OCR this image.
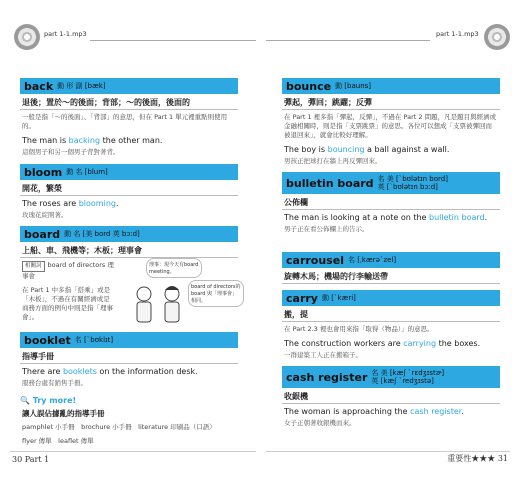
part 1-1.mp3
back 動 形 副 [bæk]
退後；置於～的後面；背部；～的後面，後面的
一般是指「～的後面」、「背部」的意思，但在 Part 1 單元裡重點則使用的。
The man is backing the other man.
這個男子和另一個男子背對著背。
bloom 動 名 [blum]
開花，繁榮
The roses are blooming.
玫瑰花綻開著。
board 動 名 [美 bord 英 bɔːd]
上船、車、飛機等；木板；理事會
相關詞 board of directors 理事會
在 Part 1 中多指「搭乘」或是「木板」，不過在有關經濟或是商務方面的例句中則是指「理事會」。
理事：現今天有board meeting。
board of directors的 board 與「理事會」相同。
booklet 名 [ˋbʊklɪt]
指導手冊
There are booklets on the information desk.
服務台處有銷售手冊。
🔍 Try more!
讓人誤佔據亂的指導手冊
pamphlet 小手冊　brochure 小手冊　literature 印刷品（口語）
flyer 傳單　leaflet 傳單
30 Part 1
part 1-1.mp3
bounce 動 [bauns]
彈起，彈回；跳躍；反彈
在 Part 1 裡多指「彈起，反彈」，不過在 Part 2 問題，凡是題目與經濟或金融相關時，則是指「支票跳票」的意思。各位可以想成「支票被彈回而被退回來」，就會比較好理解。
The boy is bouncing a ball against a wall.
男孩正把球打在牆上再反彈回來。
bulletin board 名 美 [ˋbʊlətɪn bord]
英 [ˋbʊlətɪn bɔːd]
公佈欄
The man is looking at a note on the bulletin board.
男子正在看公佈欄上的告示。
carrousel 名 [ˌkærəˋzel]
旋轉木馬；機場的行李輸送帶
carry 動 [ˋkæri]
搬，提
在 Part 2.3 裡也會用來指「取得（物品）」的意思。
The construction workers are carrying the boxes.
一群建築工人正在搬箱子。
cash register 名 美 [kæʃ ˋrɛdʒɪstɚ]
英 [kæʃ ˋredʒɪstə]
收銀機
The woman is approaching the cash register.
女子正朝著收銀機而來。
重要性★★★ 31
